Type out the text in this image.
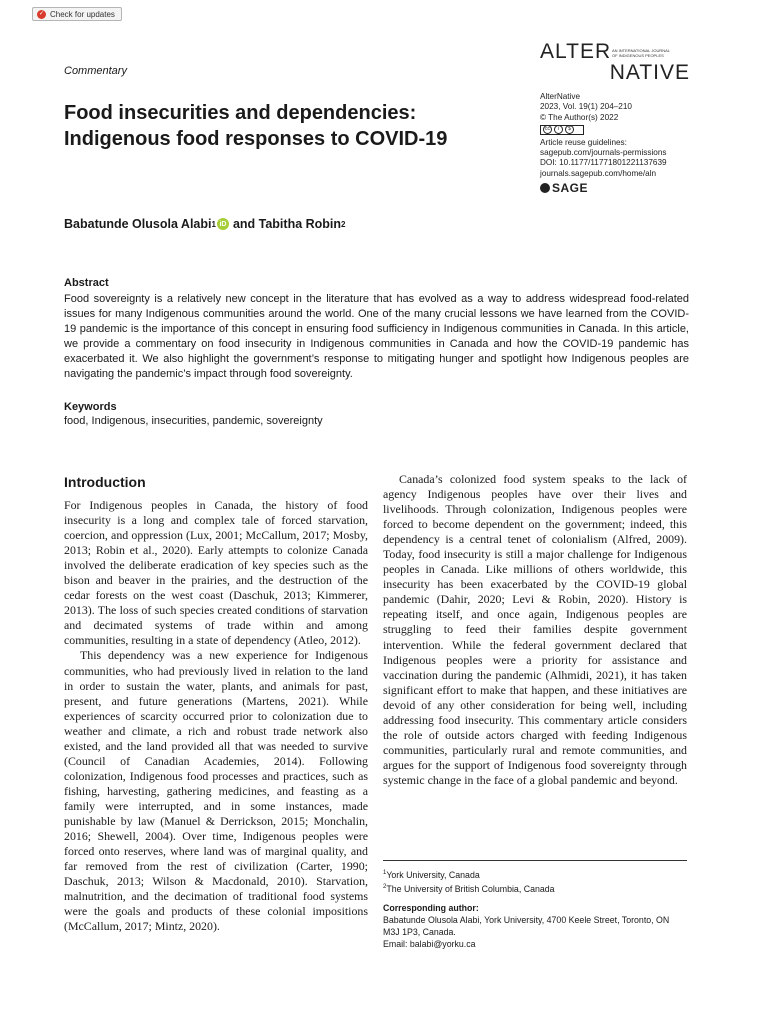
✓ Check for updates
Commentary
ALTER AN INTERNATIONAL JOURNAL OF INDIGENOUS PEOPLES
NATIVE
AlterNative
2023, Vol. 19(1) 204–210
© The Author(s) 2022
cc	i	$
Article reuse guidelines:
sagepub.com/journals-permissions
DOI: 10.1177/11771801221137639
journals.sagepub.com/home/aln
SAGE
Food insecurities and dependencies: Indigenous food responses to COVID-19
Babatunde Olusola Alabi 1 iD and Tabitha Robin 2
Abstract

Food sovereignty is a relatively new concept in the literature that has evolved as a way to address widespread food-related issues for many Indigenous communities around the world. One of the many crucial lessons we have learned from the COVID-19 pandemic is the importance of this concept in ensuring food sufficiency in Indigenous communities in Canada. In this article, we provide a commentary on food insecurity in Indigenous communities in Canada and how the COVID-19 pandemic has exacerbated it. We also highlight the government’s response to mitigating hunger and spotlight how Indigenous peoples are navigating the pandemic’s impact through food sovereignty.

Keywords
food, Indigenous, insecurities, pandemic, sovereignty
Introduction

For Indigenous peoples in Canada, the history of food insecurity is a long and complex tale of forced starvation, coercion, and oppression (Lux, 2001; McCallum, 2017; Mosby, 2013; Robin et al., 2020). Early attempts to colonize Canada involved the deliberate eradication of key species such as the bison and beaver in the prairies, and the destruction of the cedar forests on the west coast (Daschuk, 2013; Kimmerer, 2013). The loss of such species created conditions of starvation and decimated systems of trade within and among communities, resulting in a state of dependency (Atleo, 2012).

This dependency was a new experience for Indigenous communities, who had previously lived in relation to the land in order to sustain the water, plants, and animals for past, present, and future generations (Martens, 2021). While experiences of scarcity occurred prior to colonization due to weather and climate, a rich and robust trade network also existed, and the land provided all that was needed to survive (Council of Canadian Academies, 2014). Following colonization, Indigenous food processes and practices, such as fishing, harvesting, gathering medicines, and feasting as a family were interrupted, and in some instances, made punishable by law (Manuel & Derrickson, 2015; Monchalin, 2016; Shewell, 2004). Over time, Indigenous peoples were forced onto reserves, where land was of marginal quality, and far removed from the rest of civilization (Carter, 1990; Daschuk, 2013; Wilson & Macdonald, 2010). Starvation, malnutrition, and the decimation of traditional food systems were the goals and products of these colonial impositions (McCallum, 2017; Mintz, 2020).

Canada’s colonized food system speaks to the lack of agency Indigenous peoples have over their lives and livelihoods. Through colonization, Indigenous peoples were forced to become dependent on the government; indeed, this dependency is a central tenet of colonialism (Alfred, 2009). Today, food insecurity is still a major challenge for Indigenous peoples in Canada. Like millions of others worldwide, this insecurity has been exacerbated by the COVID-19 global pandemic (Dahir, 2020; Levi & Robin, 2020). History is repeating itself, and once again, Indigenous peoples are struggling to feed their families despite government intervention. While the federal government declared that Indigenous peoples were a priority for assistance and vaccination during the pandemic (Alhmidi, 2021), it has taken significant effort to make that happen, and these initiatives are devoid of any other consideration for being well, including addressing food insecurity. This commentary article considers the role of outside actors charged with feeding Indigenous communities, particularly rural and remote communities, and argues for the support of Indigenous food sovereignty through systemic change in the face of a global pandemic and beyond.

$^1$York University, Canada
$^2$The University of British Columbia, Canada
Corresponding author:
Babatunde Olusola Alabi, York University, 4700 Keele Street, Toronto, ON M3J 1P3, Canada.
Email: balabi@yorku.ca
